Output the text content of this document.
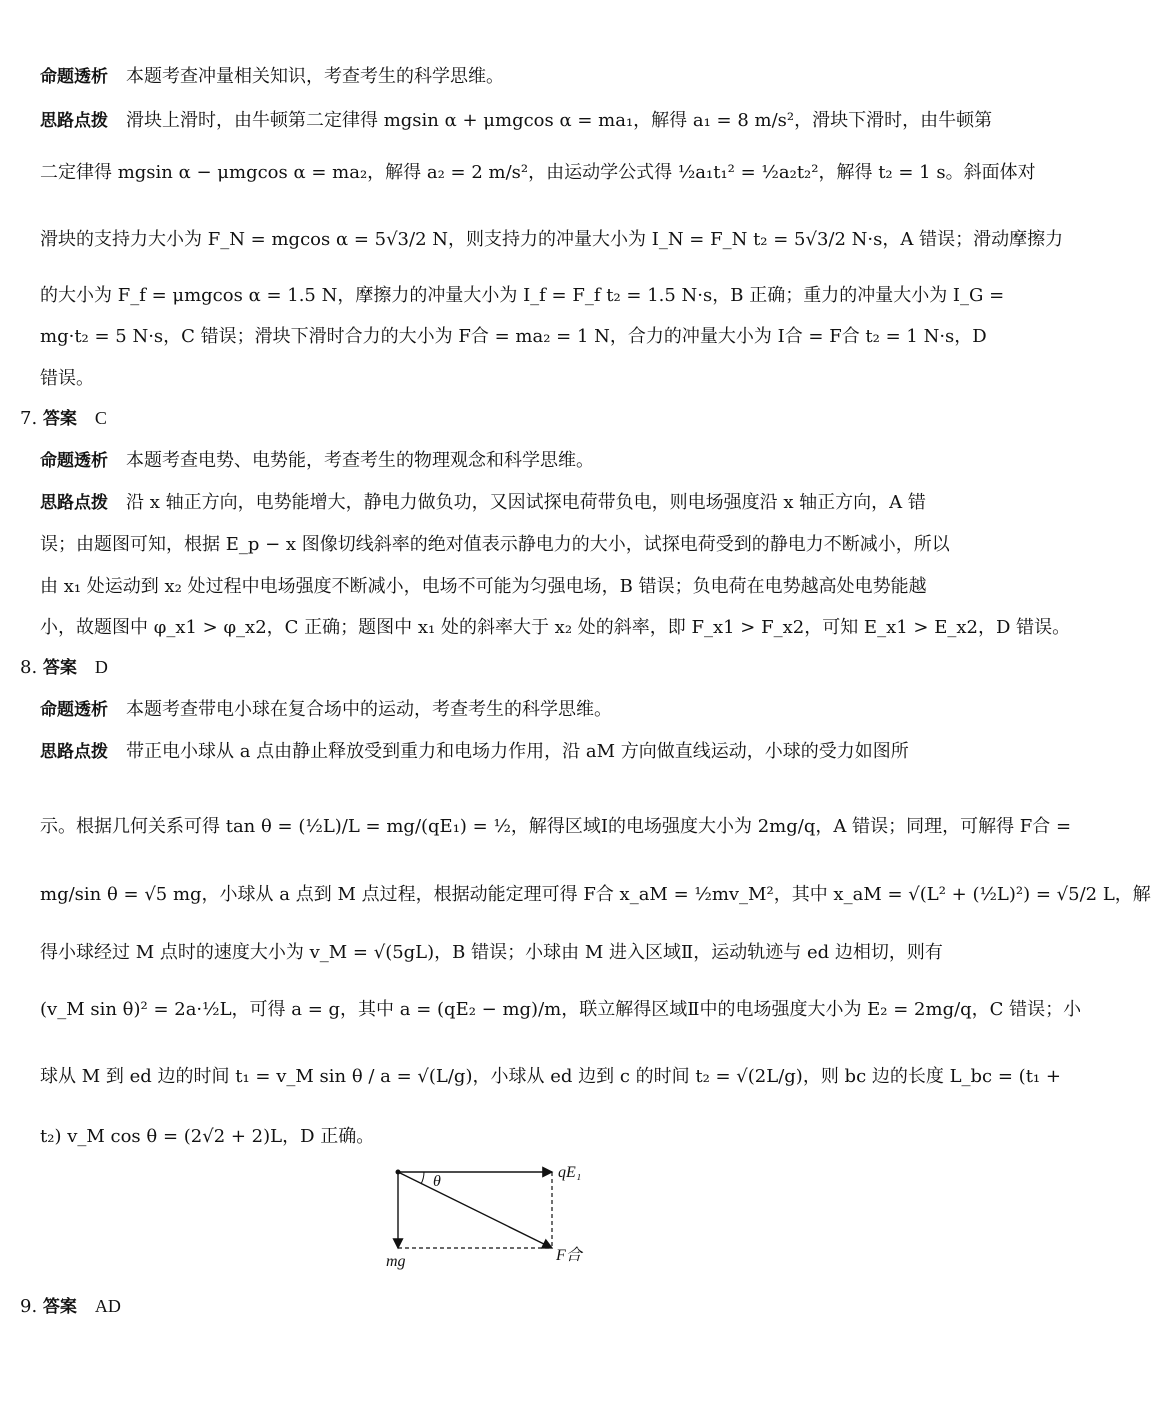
命题透析 本题考查冲量相关知识，考查考生的科学思维。
思路点拨 滑块上滑时，由牛顿第二定律得 mgsin α + μmgcos α = ma₁，解得 a₁ = 8 m/s²，滑块下滑时，由牛顿第
二定律得 mgsin α − μmgcos α = ma₂，解得 a₂ = 2 m/s²，由运动学公式得 ½a₁t₁² = ½a₂t₂²，解得 t₂ = 1 s。斜面体对
滑块的支持力大小为 F_N = mgcos α = 5√3/2 N，则支持力的冲量大小为 I_N = F_N t₂ = 5√3/2 N·s，A 错误；滑动摩擦力
的大小为 F_f = μmgcos α = 1.5 N，摩擦力的冲量大小为 I_f = F_f t₂ = 1.5 N·s，B 正确；重力的冲量大小为 I_G =
mg·t₂ = 5 N·s，C 错误；滑块下滑时合力的大小为 F合 = ma₂ = 1 N，合力的冲量大小为 I合 = F合 t₂ = 1 N·s，D
错误。
7. 答案 C
命题透析 本题考查电势、电势能，考查考生的物理观念和科学思维。
思路点拨 沿 x 轴正方向，电势能增大，静电力做负功，又因试探电荷带负电，则电场强度沿 x 轴正方向，A 错
误；由题图可知，根据 E_p − x 图像切线斜率的绝对值表示静电力的大小，试探电荷受到的静电力不断减小，所以
由 x₁ 处运动到 x₂ 处过程中电场强度不断减小，电场不可能为匀强电场，B 错误；负电荷在电势越高处电势能越
小，故题图中 φ_x1 > φ_x2，C 正确；题图中 x₁ 处的斜率大于 x₂ 处的斜率，即 F_x1 > F_x2，可知 E_x1 > E_x2，D 错误。
8. 答案 D
命题透析 本题考查带电小球在复合场中的运动，考查考生的科学思维。
思路点拨 带正电小球从 a 点由静止释放受到重力和电场力作用，沿 aM 方向做直线运动，小球的受力如图所
示。根据几何关系可得 tan θ = (½L)/L = mg/(qE₁) = ½，解得区域Ⅰ的电场强度大小为 2mg/q，A 错误；同理，可解得 F合 =
mg/sin θ = √5 mg，小球从 a 点到 M 点过程，根据动能定理可得 F合 x_aM = ½mv_M²，其中 x_aM = √(L² + (½L)²) = √5/2 L，解
得小球经过 M 点时的速度大小为 v_M = √(5gL)，B 错误；小球由 M 进入区域Ⅱ，运动轨迹与 ed 边相切，则有
(v_M sin θ)² = 2a·½L，可得 a = g，其中 a = (qE₂ − mg)/m，联立解得区域Ⅱ中的电场强度大小为 E₂ = 2mg/q，C 错误；小
球从 M 到 ed 边的时间 t₁ = v_M sin θ / a = √(L/g)，小球从 ed 边到 c 的时间 t₂ = √(2L/g)，则 bc 边的长度 L_bc = (t₁ +
t₂) v_M cos θ = (2√2 + 2)L，D 正确。
θ
qE₁
mg	F合
9. 答案 AD
